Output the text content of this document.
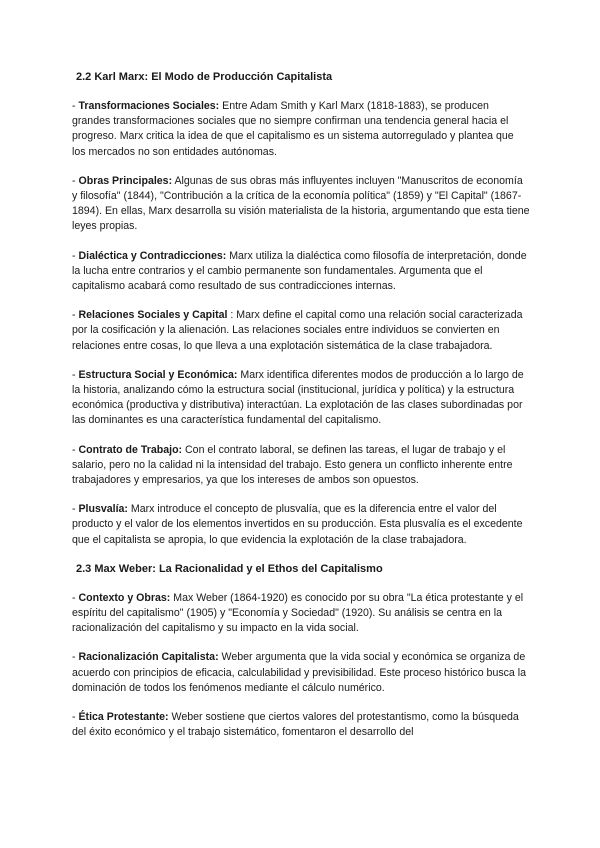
2.2 Karl Marx: El Modo de Producción Capitalista

- Transformaciones Sociales: Entre Adam Smith y Karl Marx (1818-1883), se producen grandes transformaciones sociales que no siempre confirman una tendencia general hacia el progreso. Marx critica la idea de que el capitalismo es un sistema autorregulado y plantea que los mercados no son entidades autónomas.

- Obras Principales: Algunas de sus obras más influyentes incluyen "Manuscritos de economía y filosofía" (1844), "Contribución a la crítica de la economía política" (1859) y "El Capital" (1867-1894). En ellas, Marx desarrolla su visión materialista de la historia, argumentando que esta tiene leyes propias.

- Dialéctica y Contradicciones: Marx utiliza la dialéctica como filosofía de interpretación, donde la lucha entre contrarios y el cambio permanente son fundamentales. Argumenta que el capitalismo acabará como resultado de sus contradicciones internas.

- Relaciones Sociales y Capital : Marx define el capital como una relación social caracterizada por la cosificación y la alienación. Las relaciones sociales entre individuos se convierten en relaciones entre cosas, lo que lleva a una explotación sistemática de la clase trabajadora.

- Estructura Social y Económica: Marx identifica diferentes modos de producción a lo largo de la historia, analizando cómo la estructura social (institucional, jurídica y política) y la estructura económica (productiva y distributiva) interactúan. La explotación de las clases subordinadas por las dominantes es una característica fundamental del capitalismo.

- Contrato de Trabajo: Con el contrato laboral, se definen las tareas, el lugar de trabajo y el salario, pero no la calidad ni la intensidad del trabajo. Esto genera un conflicto inherente entre trabajadores y empresarios, ya que los intereses de ambos son opuestos.

- Plusvalía: Marx introduce el concepto de plusvalía, que es la diferencia entre el valor del producto y el valor de los elementos invertidos en su producción. Esta plusvalía es el excedente que el capitalista se apropia, lo que evidencia la explotación de la clase trabajadora.

2.3 Max Weber: La Racionalidad y el Ethos del Capitalismo

- Contexto y Obras: Max Weber (1864-1920) es conocido por su obra "La ética protestante y el espíritu del capitalismo" (1905) y "Economía y Sociedad" (1920). Su análisis se centra en la racionalización del capitalismo y su impacto en la vida social.

- Racionalización Capitalista: Weber argumenta que la vida social y económica se organiza de acuerdo con principios de eficacia, calculabilidad y previsibilidad. Este proceso histórico busca la dominación de todos los fenómenos mediante el cálculo numérico.

- Ética Protestante: Weber sostiene que ciertos valores del protestantismo, como la búsqueda del éxito económico y el trabajo sistemático, fomentaron el desarrollo del
